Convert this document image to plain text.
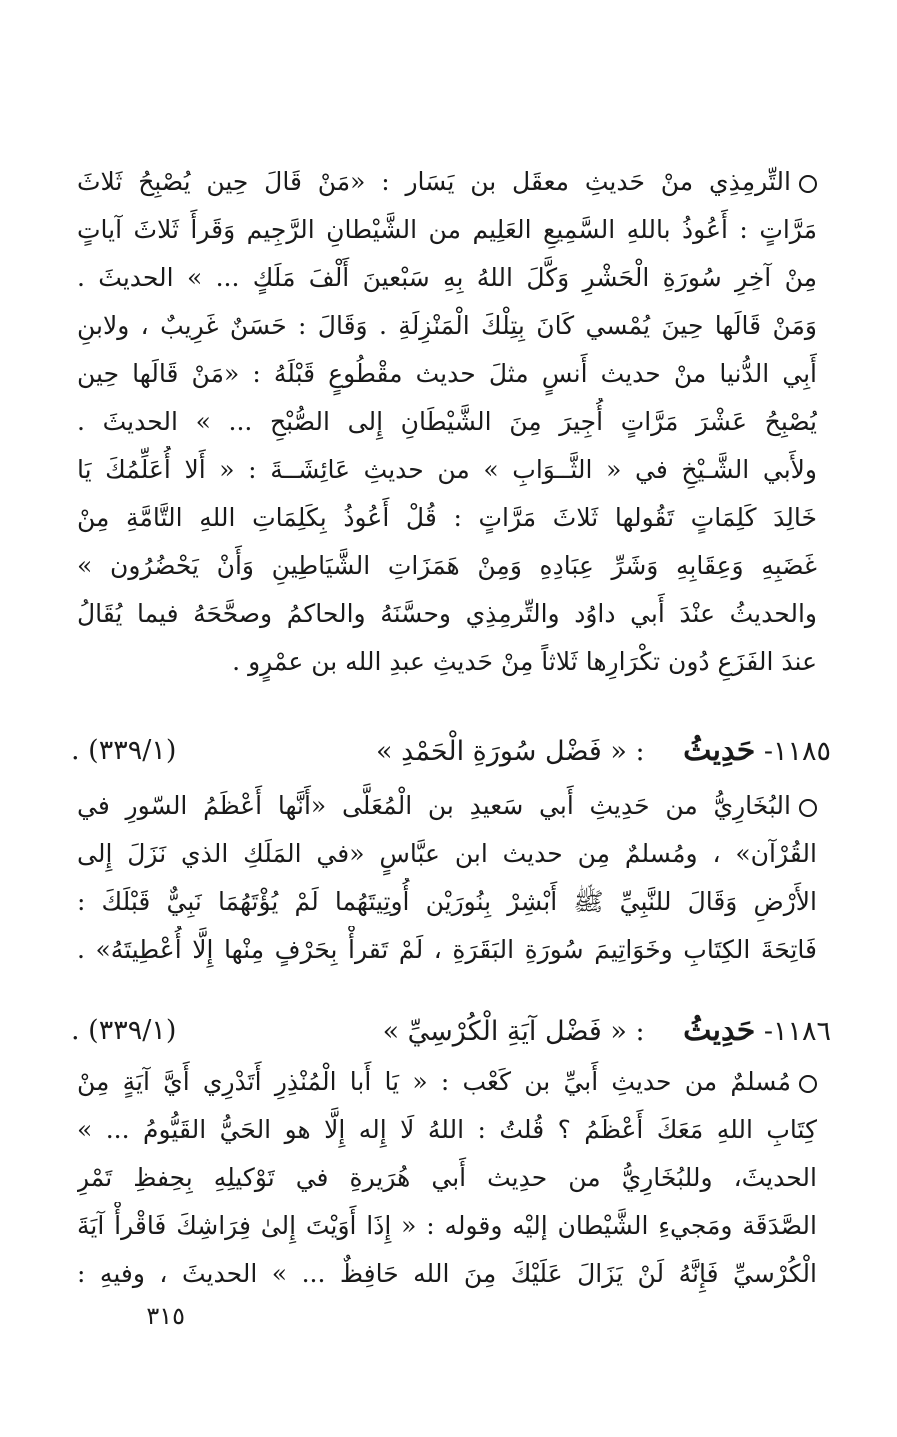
التِّرمِذِي منْ حَديثِ معقَل بن يَسَار : «مَنْ قَالَ حِين يُصْبِحُ ثَلاثَ
مَرَّاتٍ : أَعُوذُ باللهِ السَّمِيعِ العَلِيم من الشَّيْطانِ الرَّجِيم وَقَرأَ ثَلاثَ آياتٍ
مِنْ آخِرِ سُورَةِ الْحَشْرِ وَكَّلَ اللهُ بِهِ سَبْعينَ أَلْفَ مَلَكٍ ... » الحديثَ .
وَمَنْ قَالَها حِينَ يُمْسي كَانَ بِتِلْكَ الْمَنْزِلَةِ . وَقَالَ : حَسَنٌ غَرِيبٌ ، ولابنِ
أَبِي الدُّنيا منْ حديث أَنسٍ مثلَ حديث مقْطُوعٍ قَبْلَهُ : «مَنْ قَالَها حِين
يُصْبِحُ عَشْرَ مَرَّاتٍ أُجِيرَ مِنَ الشَّيْطَانِ إِلى الصُّبْحِ ... » الحديثَ .
ولأَبي الشَّـيْخِ في « الثَّــوَابِ » من حديثِ عَائِشَــةَ : « أَلا أُعَلِّمُكَ يَا
خَالِدَ كَلِمَاتٍ تَقُولها ثَلاثَ مَرَّاتٍ : قُلْ أَعُوذُ بِكَلِمَاتِ اللهِ التَّامَّةِ مِنْ
غَضَبِهِ وَعِقَابِهِ وَشَرِّ عِبَادِهِ وَمِنْ هَمَزَاتِ الشَّيَاطِينِ وَأَنْ يَحْضُرُون »
والحديثُ عنْدَ أَبي داوُد والتِّرمِذِي وحسَّنَهُ والحاكمُ وصحَّحَهُ فيما يُقَالُ
عندَ الفَزَعِ دُون تكْرَارِها ثَلاثاً مِنْ حَديثِ عبدِ الله بن عمْرٍو .
١١٨٥- حَدِيثُ : « فَضْل سُورَةِ الْحَمْدِ »
(٣٣٩/١) .
البُخَارِيُّ من حَدِيثِ أَبي سَعيدِ بن الْمُعَلَّى «أَنَّها أَعْظَمُ السّورِ في
القُرْآن» ، ومُسلمٌ مِن حديث ابن عبَّاسٍ «في المَلَكِ الذي نَزَلَ إِلى
الأَرْضِ وَقَالَ للنَّبِيِّ ﷺ أَبْشِرْ بِنُورَيْن أُوتِيتَهُما لَمْ يُؤْتَهُمَا نَبِيٌّ قَبْلَكَ :
فَاتِحَةَ الكِتَابِ وخَوَاتِيمَ سُورَةِ البَقَرَةِ ، لَمْ تَقرأْ بِحَرْفٍ مِنْها إِلَّا أُعْطِيتَهُ» .
١١٨٦- حَدِيثُ : « فَضْل آيَةِ الْكُرْسِيِّ »
(٣٣٩/١) .
مُسلمٌ من حديثِ أَبيِّ بن كَعْب : « يَا أَبا الْمُنْذِرِ أَتَدْرِي أَيَّ آيَةٍ مِنْ
كِتَابِ اللهِ مَعَكَ أَعْظَمُ ؟ قُلتُ : اللهُ لَا إِله إِلَّا هو الحَيُّ القَيُّومُ ... »
الحديثَ، وللبُخَارِيُّ من حدِيث أَبي هُرَيرةِ في تَوْكيلِهِ بِحِفظِ تَمْرِ
الصَّدَقَة ومَجيءِ الشَّيْطان إليْه وقوله : « إِذَا أَوَيْتَ إِلىٰ فِرَاشِكَ فَاقْرأْ آيَةَ
الْكُرْسيِّ فَإِنَّهُ لَنْ يَزَالَ عَلَيْكَ مِنَ الله حَافِظٌ ... » الحديثَ ، وفيهِ :
٣١٥
